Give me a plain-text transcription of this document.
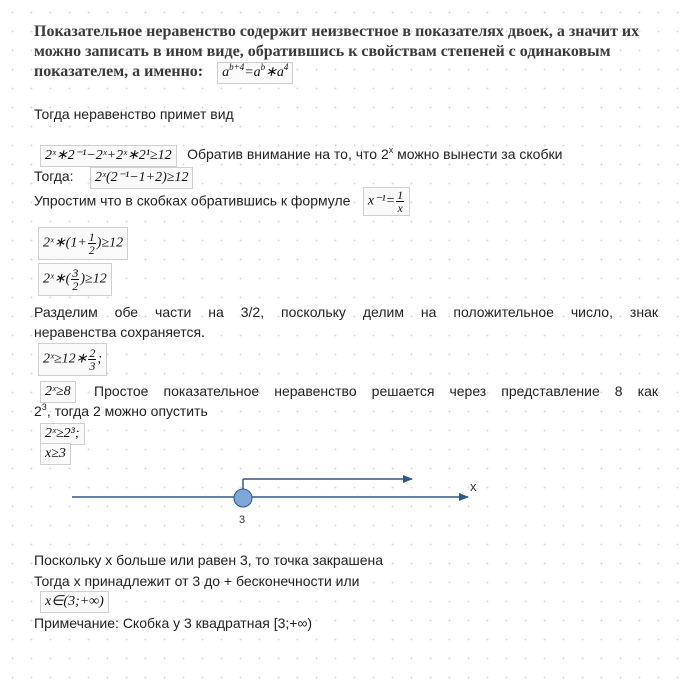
Показательное неравенство содержит неизвестное в показателях двоек, а значит их можно записать в ином виде, обратившись к свойствам степеней с одинаковым показателем, а именно: $a^{b+4}=a^b∗a^4$
Тогда неравенство примет вид
2ˣ∗2⁻¹−2ˣ+2ˣ∗2¹≥12 Обратив внимание на то, что 2$^x$ можно вынести за скобки
Тогда: 2ˣ(2⁻¹−1+2)≥12
Упростим что в скобках обратившись к формуле $x^{-1}= \frac{1}{x}$
2ˣ∗(1+ $\frac{1}{2} )\ge 12$
2ˣ∗( $\frac{3}{2} )\ge 12$
Разделим обе части на 3/2, поскольку делим на положительное число, знак
неравенства сохраняется.
2ˣ≥12∗ $\frac{2}{3}$ ;
2ˣ≥8 Простое показательное неравенство решается через представление 8 как
$2^3$, тогда 2 можно опустить
2ˣ≥2³;
x≥3
x
3
Поскольку x больше или равен 3, то точка закрашена
Тогда x принадлежит от 3 до + бесконечности или
x∈(3;+∞)
Примечание: Скобка у 3 квадратная [3;+∞)
